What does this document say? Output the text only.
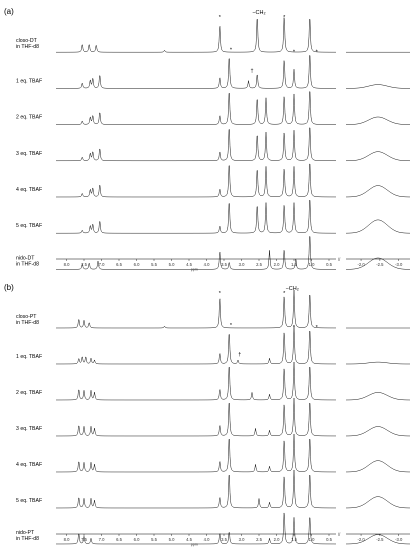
(a)
closo-DT
in THF-d8
1 eq. TBAF
2 eq. TBAF
3 eq. TBAF
4 eq. TBAF
5 eq. TBAF
nido-DT
in THF-d8
//
8.0	7.5	7.0	6.5	6.0	5.5	5.0	4.5	4.0	3.5	3.0	2.5	2.0	1.5	1.0	0.5	-2.0	-2.5	-3.0
ppm
*
*
*
*	*
†
−CH₂
(b)
closo-PT
in THF-d8
1 eq. TBAF
2 eq. TBAF
3 eq. TBAF
4 eq. TBAF
5 eq. TBAF
nido-PT
in THF-d8
//
8.0	7.5	7.0	6.5	6.0	5.5	5.0	4.5	4.0	3.5	3.0	2.5	2.0	1.5	1.0	0.5	-2.0	-2.5	-3.0
ppm
*
*
*
*	*
†
−CH₂
